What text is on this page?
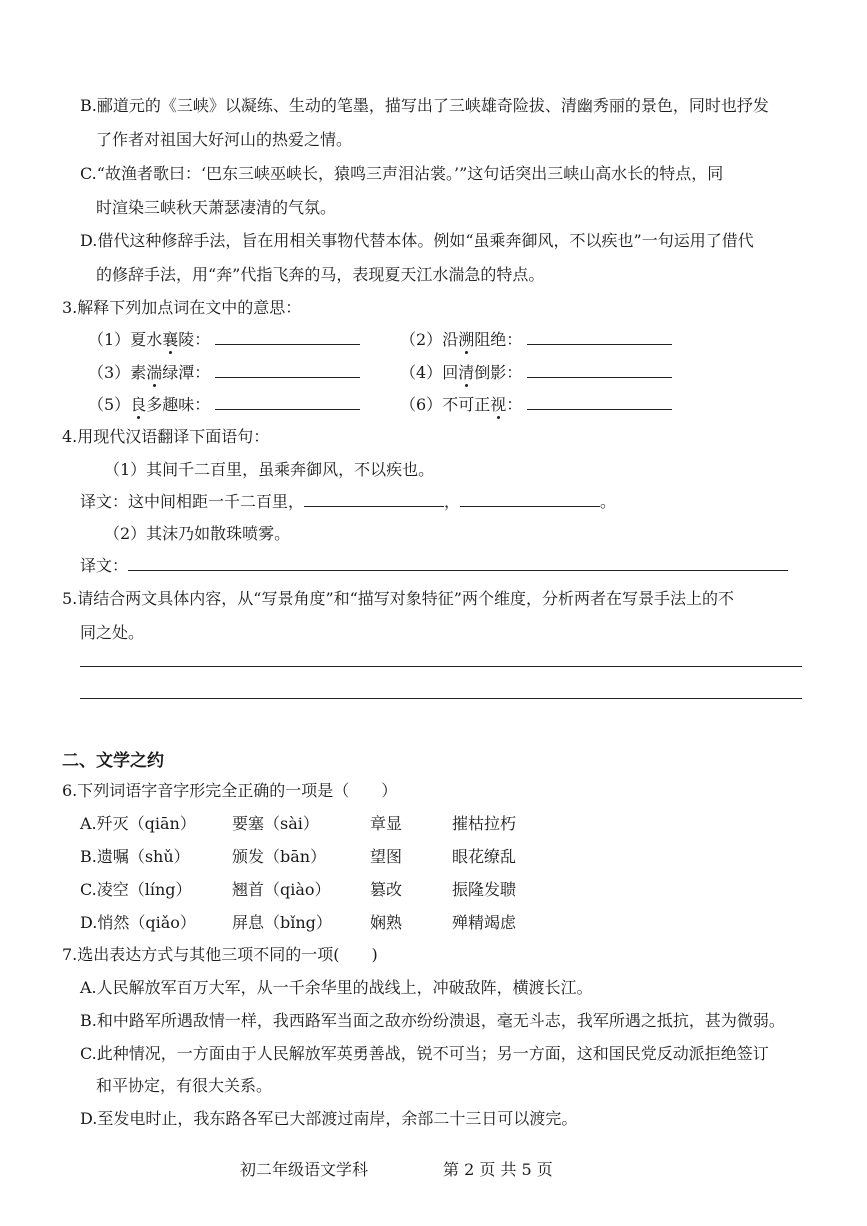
B.郦道元的《三峡》以凝练、生动的笔墨，描写出了三峡雄奇险拔、清幽秀丽的景色，同时也抒发
了作者对祖国大好河山的热爱之情。
C.“故渔者歌曰：‘巴东三峡巫峡长，猿鸣三声泪沾裳。’”这句话突出三峡山高水长的特点，同
时渲染三峡秋天萧瑟凄清的气氛。
D.借代这种修辞手法，旨在用相关事物代替本体。例如“虽乘奔御风，不以疾也”一句运用了借代
的修辞手法，用“奔”代指飞奔的马，表现夏天江水湍急的特点。
3.解释下列加点词在文中的意思：
（1）夏水襄陵：	（2）沿溯阻绝：
（3）素湍绿潭：	（4）回清倒影：
（5）良多趣味：	（6）不可正视：
4.用现代汉语翻译下面语句：
（1）其间千二百里，虽乘奔御风，不以疾也。
译文：这中间相距一千二百里，	，	。
（2）其沫乃如散珠喷雾。
译文：
5.请结合两文具体内容，从“写景角度”和“描写对象特征”两个维度，分析两者在写景手法上的不
同之处。
二、文学之约
6.下列词语字音字形完全正确的一项是（　　）
A.歼灭（qiān） 要塞（sài）	章显	摧枯拉朽
B.遗嘱（shǔ）	颁发（bān）	望图	眼花缭乱
C.凌空（líng）	翘首（qiào） 篡改	振隆发聩
D.悄然（qiǎo） 屏息（bǐng） 娴熟	殚精竭虑
7.选出表达方式与其他三项不同的一项(　　)
A.人民解放军百万大军，从一千余华里的战线上，冲破敌阵，横渡长江。
B.和中路军所遇敌情一样，我西路军当面之敌亦纷纷溃退，毫无斗志，我军所遇之抵抗，甚为微弱。
C.此种情况，一方面由于人民解放军英勇善战，锐不可当；另一方面，这和国民党反动派拒绝签订
和平协定，有很大关系。
D.至发电时止，我东路各军已大部渡过南岸，余部二十三日可以渡完。
初二年级语文学科	第 2 页 共 5 页
